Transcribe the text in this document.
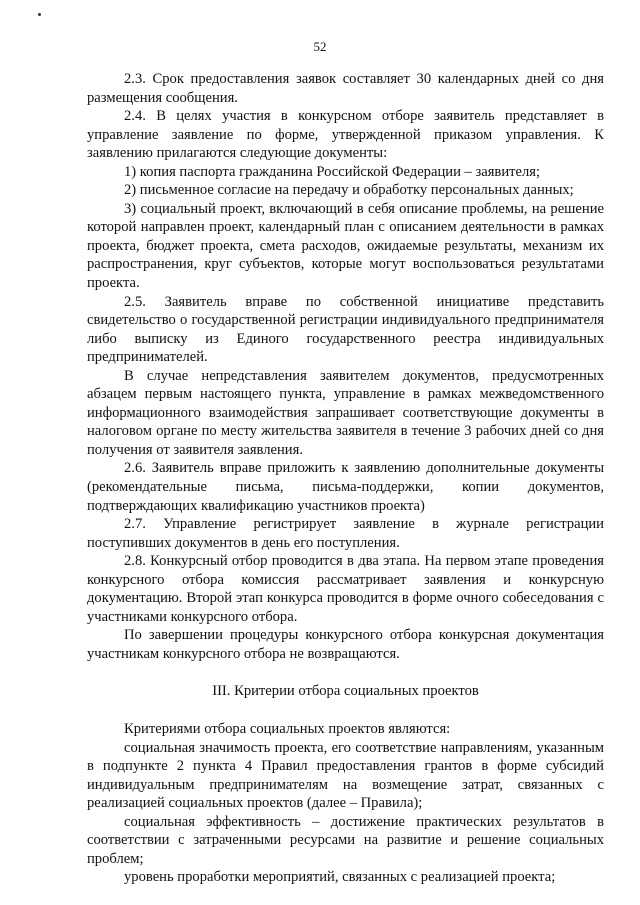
52

2.3. Срок предоставления заявок составляет 30 календарных дней со дня размещения сообщения.

2.4. В целях участия в конкурсном отборе заявитель представляет в управление заявление по форме, утвержденной приказом управления. К заявлению прилагаются следующие документы:

1) копия паспорта гражданина Российской Федерации – заявителя;

2) письменное согласие на передачу и обработку персональных данных;

3) социальный проект, включающий в себя описание проблемы, на решение которой направлен проект, календарный план с описанием деятельности в рамках проекта, бюджет проекта, смета расходов, ожидаемые результаты, механизм их распространения, круг субъектов, которые могут воспользоваться результатами проекта.

2.5. Заявитель вправе по собственной инициативе представить свидетельство о государственной регистрации индивидуального предпринимателя либо выписку из Единого государственного реестра индивидуальных предпринимателей.

В случае непредставления заявителем документов, предусмотренных абзацем первым настоящего пункта, управление в рамках межведомственного информационного взаимодействия запрашивает соответствующие документы в налоговом органе по месту жительства заявителя в течение 3 рабочих дней со дня получения от заявителя заявления.

2.6. Заявитель вправе приложить к заявлению дополнительные документы (рекомендательные письма, письма-поддержки, копии документов, подтверждающих квалификацию участников проекта)

2.7. Управление регистрирует заявление в журнале регистрации поступивших документов в день его поступления.

2.8. Конкурсный отбор проводится в два этапа. На первом этапе проведения конкурсного отбора комиссия рассматривает заявления и конкурсную документацию. Второй этап конкурса проводится в форме очного собеседования с участниками конкурсного отбора.

По завершении процедуры конкурсного отбора конкурсная документация участникам конкурсного отбора не возвращаются.

III. Критерии отбора социальных проектов

Критериями отбора социальных проектов являются:

социальная значимость проекта, его соответствие направлениям, указанным в подпункте 2 пункта 4 Правил предоставления грантов в форме субсидий индивидуальным предпринимателям на возмещение затрат, связанных с реализацией социальных проектов (далее – Правила);

социальная эффективность – достижение практических результатов в соответствии с затраченными ресурсами на развитие и решение социальных проблем;

уровень проработки мероприятий, связанных с реализацией проекта;
